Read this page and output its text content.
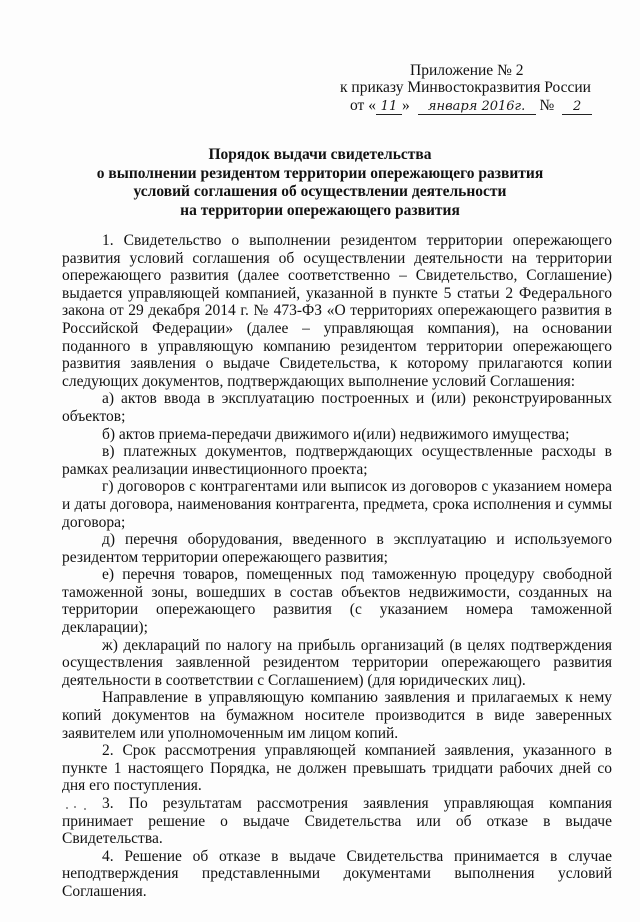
Приложение № 2
к приказу Минвостокразвития России
от « 11 » января 2016г. № 2
Порядок выдачи свидетельства
о выполнении резидентом территории опережающего развития
условий соглашения об осуществлении деятельности
на территории опережающего развития

1. Свидетельство о выполнении резидентом территории опережающего развития условий соглашения об осуществлении деятельности на территории опережающего развития (далее соответственно – Свидетельство, Соглашение) выдается управляющей компанией, указанной в пункте 5 статьи 2 Федерального закона от 29 декабря 2014 г. № 473-ФЗ «О территориях опережающего развития в Российской Федерации» (далее – управляющая компания), на основании поданного в управляющую компанию резидентом территории опережающего развития заявления о выдаче Свидетельства, к которому прилагаются копии следующих документов, подтверждающих выполнение условий Соглашения:

а) актов ввода в эксплуатацию построенных и (или) реконструированных объектов;

б) актов приема-передачи движимого и(или) недвижимого имущества;

в) платежных документов, подтверждающих осуществленные расходы в рамках реализации инвестиционного проекта;

г) договоров с контрагентами или выписок из договоров с указанием номера и даты договора, наименования контрагента, предмета, срока исполнения и суммы договора;

д) перечня оборудования, введенного в эксплуатацию и используемого резидентом территории опережающего развития;

е) перечня товаров, помещенных под таможенную процедуру свободной таможенной зоны, вошедших в состав объектов недвижимости, созданных на территории опережающего развития (с указанием номера таможенной декларации);

ж) деклараций по налогу на прибыль организаций (в целях подтверждения осуществления заявленной резидентом территории опережающего развития деятельности в соответствии с Соглашением) (для юридических лиц).

Направление в управляющую компанию заявления и прилагаемых к нему копий документов на бумажном носителе производится в виде заверенных заявителем или уполномоченным им лицом копий.

2. Срок рассмотрения управляющей компанией заявления, указанного в пункте 1 настоящего Порядка, не должен превышать тридцати рабочих дней со дня его поступления.

3. По результатам рассмотрения заявления управляющая компания принимает решение о выдаче Свидетельства или об отказе в выдаче Свидетельства.

4. Решение об отказе в выдаче Свидетельства принимается в случае неподтверждения представленными документами выполнения условий Соглашения.
